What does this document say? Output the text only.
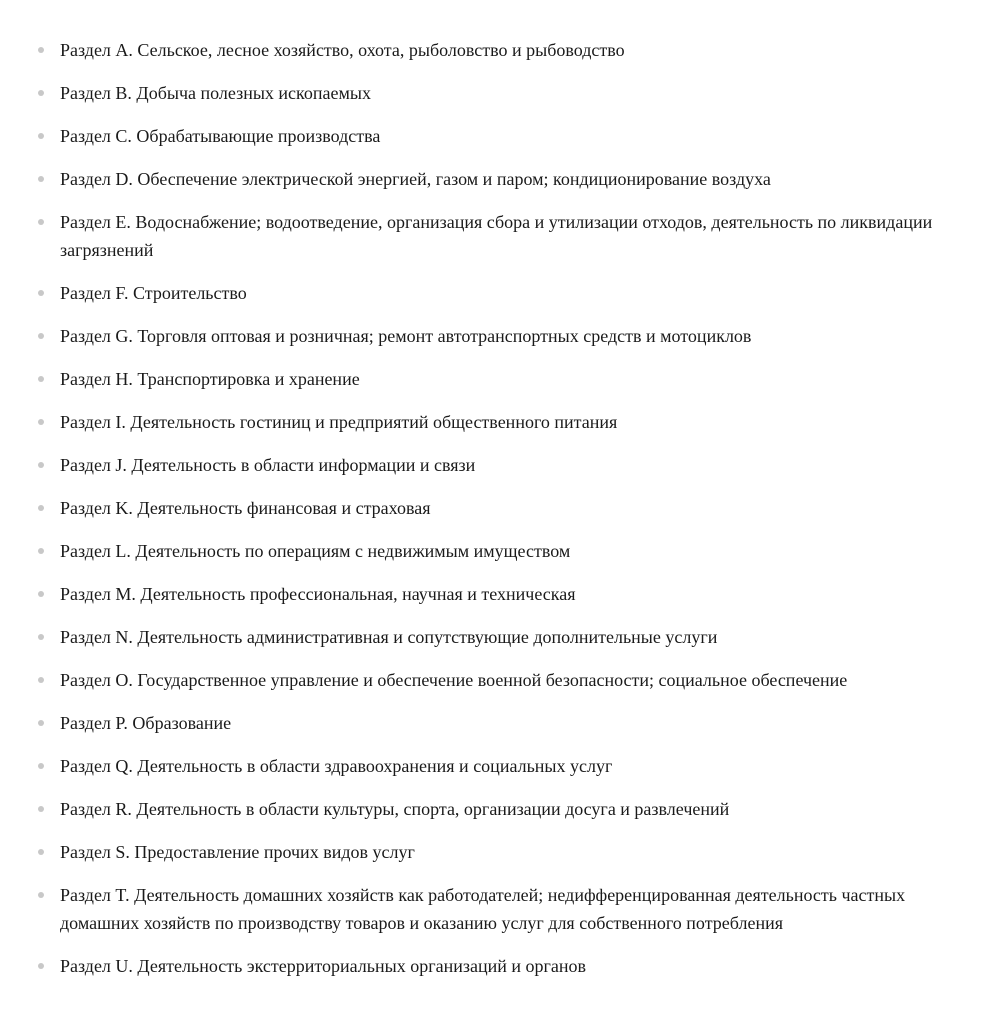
Раздел A. Сельское, лесное хозяйство, охота, рыболовство и рыбоводство
Раздел B. Добыча полезных ископаемых
Раздел C. Обрабатывающие производства
Раздел D. Обеспечение электрической энергией, газом и паром; кондиционирование воздуха
Раздел E. Водоснабжение; водоотведение, организация сбора и утилизации отходов, деятельность по ликвидации загрязнений
Раздел F. Строительство
Раздел G. Торговля оптовая и розничная; ремонт автотранспортных средств и мотоциклов
Раздел H. Транспортировка и хранение
Раздел I. Деятельность гостиниц и предприятий общественного питания
Раздел J. Деятельность в области информации и связи
Раздел K. Деятельность финансовая и страховая
Раздел L. Деятельность по операциям с недвижимым имуществом
Раздел M. Деятельность профессиональная, научная и техническая
Раздел N. Деятельность административная и сопутствующие дополнительные услуги
Раздел O. Государственное управление и обеспечение военной безопасности; социальное обеспечение
Раздел P. Образование
Раздел Q. Деятельность в области здравоохранения и социальных услуг
Раздел R. Деятельность в области культуры, спорта, организации досуга и развлечений
Раздел S. Предоставление прочих видов услуг
Раздел T. Деятельность домашних хозяйств как работодателей; недифференцированная деятельность частных домашних хозяйств по производству товаров и оказанию услуг для собственного потребления
Раздел U. Деятельность экстерриториальных организаций и органов
